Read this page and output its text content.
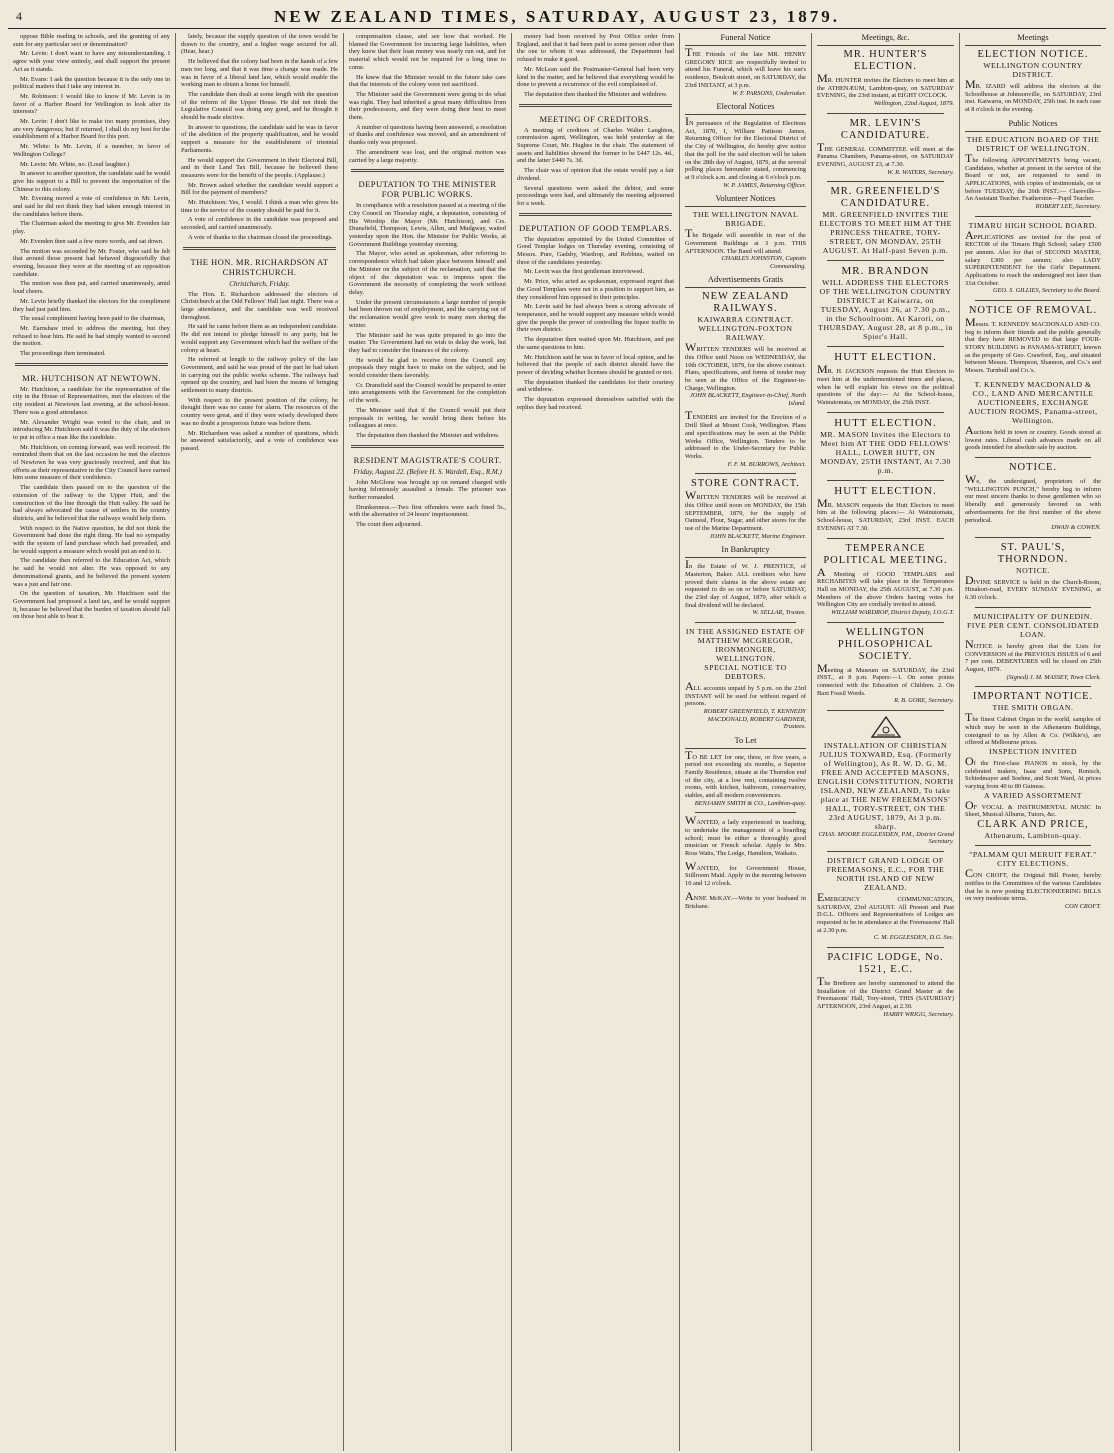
4	NEW ZEALAND TIMES, SATURDAY, AUGUST 23, 1879.

oppose Bible reading in schools, and the granting of any sum for any particular sect or denomination?

Mr. Levin: I don't want to have any misunderstanding. I agree with your view entirely, and shall support the present Act as it stands.

Mr. Evans: I ask the question because it is the only one in political matters that I take any interest in.

Mr. Robinson: I would like to know if Mr. Levin is in favor of a Harbor Board for Wellington to look after its interests?

Mr. Levin: I don't like to make too many promises, they are very dangerous; but if returned, I shall do my best for the establishment of a Harbor Board for this port.

Mr. White: Is Mr. Levin, if a member, in favor of Wellington College?

Mr. Levin: Mr. White, no. (Loud laughter.)

In answer to another question, the candidate said he would give his support to a Bill to prevent the importation of the Chinese to this colony.

Mr. Evening moved a vote of confidence in Mr. Levin, and said he did not think they had taken enough interest in the candidates before them.

The Chairman asked the meeting to give Mr. Evenden fair play.

Mr. Evenden then said a few more words, and sat down.

The motion was seconded by Mr. Foster, who said he felt that around those present had behaved disgracefully that evening, because they were at the meeting of an opposition candidate.

The motion was then put, and carried unanimously, amid loud cheers.

Mr. Levin briefly thanked the electors for the compliment they had just paid him.

The usual compliment having been paid to the chairman,

Mr. Earnshaw tried to address the meeting, but they refused to hear him. He said he had simply wanted to second the motion.

The proceedings then terminated.

MR. HUTCHISON AT NEWTOWN.

Mr. Hutchison, a candidate for the representation of the city in the House of Representatives, met the electors of the city resident at Newtown last evening, at the school-house. There was a good attendance.

Mr. Alexander Wright was voted to the chair, and in introducing Mr. Hutchison said it was the duty of the electors to put in office a man like the candidate.

Mr. Hutchison, on coming forward, was well received. He reminded them that on the last occasion he met the electors of Newtown he was very graciously received, and that his efforts as their representative in the City Council have earned him some measure of their confidence.

The candidate then passed on to the question of the extension of the railway to the Upper Hutt, and the construction of the line through the Hutt valley. He said he had always advocated the cause of settlers in the country districts, and he believed that the railways would help them.

With respect to the Native question, he did not think the Government had done the right thing. He had no sympathy with the system of land purchase which had prevailed, and he would support a measure which would put an end to it.

The candidate then referred to the Education Act, which he said he would not alter. He was opposed to any denominational grants, and he believed the present system was a just and fair one.

On the question of taxation, Mr. Hutchison said the Government had proposed a land tax, and he would support it, because he believed that the burden of taxation should fall on those best able to bear it.

lately, because the supply question of the town would be drawn to the country, and a higher wage secured for all. (Hear, hear.)

He believed that the colony had been in the hands of a few men too long, and that it was time a change was made. He was in favor of a liberal land law, which would enable the working man to obtain a home for himself.

The candidate then dealt at some length with the question of the reform of the Upper House. He did not think the Legislative Council was doing any good, and he thought it should be made elective.

In answer to questions, the candidate said he was in favor of the abolition of the property qualification, and he would support a measure for the establishment of triennial Parliaments.

He would support the Government in their Electoral Bill, and in their Land Tax Bill, because he believed these measures were for the benefit of the people. (Applause.)

Mr. Brown asked whether the candidate would support a Bill for the payment of members?

Mr. Hutchison: Yes, I would. I think a man who gives his time to the service of the country should be paid for it.

A vote of confidence in the candidate was proposed and seconded, and carried unanimously.

A vote of thanks to the chairman closed the proceedings.

THE HON. MR. RICHARDSON AT CHRISTCHURCH.
Christchurch, Friday.

The Hon. E. Richardson addressed the electors of Christchurch at the Odd Fellows' Hall last night. There was a large attendance, and the candidate was well received throughout.

He said he came before them as an independent candidate. He did not intend to pledge himself to any party, but he would support any Government which had the welfare of the colony at heart.

He referred at length to the railway policy of the late Government, and said he was proud of the part he had taken in carrying out the public works scheme. The railways had opened up the country, and had been the means of bringing settlement to many districts.

With respect to the present position of the colony, he thought there was no cause for alarm. The resources of the country were great, and if they were wisely developed there was no doubt a prosperous future was before them.

Mr. Richardson was asked a number of questions, which he answered satisfactorily, and a vote of confidence was passed.

compensation clause, and see how that worked. He blamed the Government for incurring large liabilities, when they knew that their loan money was nearly run out, and for material which would not be required for a long time to come.

He knew that the Minister would in the future take care that the interests of the colony were not sacrificed.

The Minister said the Government were going to do what was right. They had inherited a great many difficulties from their predecessors, and they were doing their best to meet them.

A number of questions having been answered, a resolution of thanks and confidence was moved, and an amendment of thanks only was proposed.

The amendment was lost, and the original motion was carried by a large majority.

DEPUTATION TO THE MINISTER FOR PUBLIC WORKS.

In compliance with a resolution passed at a meeting of the City Council on Thursday night, a deputation, consisting of His Worship the Mayor (Mr. Hutchison), and Crs. Dransfield, Thompson, Lewis, Allen, and Mudgway, waited yesterday upon the Hon. the Minister for Public Works, at Government Buildings yesterday morning.

The Mayor, who acted as spokesman, after referring to correspondence which had taken place between himself and the Minister on the subject of the reclamation, said that the object of the deputation was to impress upon the Government the necessity of completing the work without delay.

Under the present circumstances a large number of people had been thrown out of employment, and the carrying out of the reclamation would give work to many men during the winter.

The Minister said he was quite prepared to go into the matter. The Government had no wish to delay the work, but they had to consider the finances of the colony.

He would be glad to receive from the Council any proposals they might have to make on the subject, and he would consider them favorably.

Cr. Dransfield said the Council would be prepared to enter into arrangements with the Government for the completion of the work.

The Minister said that if the Council would put their proposals in writing, he would bring them before his colleagues at once.

The deputation then thanked the Minister and withdrew.

RESIDENT MAGISTRATE'S COURT.
Friday, August 22. (Before H. S. Wardell, Esq., R.M.)

John McGlone was brought up on remand charged with having feloniously assaulted a female. The prisoner was further remanded.

Drunkenness.—Two first offenders were each fined 5s., with the alternative of 24 hours' imprisonment.

The court then adjourned.

money had been received by Post Office order from England, and that it had been paid to some person other than the one to whom it was addressed, the Department had refused to make it good.

Mr. McLean said the Postmaster-General had been very kind in the matter, and he believed that everything would be done to prevent a recurrence of the evil complained of.

The deputation then thanked the Minister and withdrew.

MEETING OF CREDITORS.

A meeting of creditors of Charles Walter Laughton, commission agent, Wellington, was held yesterday at the Supreme Court, Mr. Hughes in the chair. The statement of assets and liabilities showed the former to be £447 12s. 4d., and the latter £440 7s. 3d.

The chair was of opinion that the estate would pay a fair dividend.

Several questions were asked the debtor, and some proceedings were had, and ultimately the meeting adjourned for a week.

DEPUTATION OF GOOD TEMPLARS.

The deputation appointed by the United Committee of Good Templar lodges on Thursday evening, consisting of Messrs. Pure, Gadsby, Wardrop, and Robbins, waited on three of the candidates yesterday.

Mr. Levin was the first gentleman interviewed.

Mr. Price, who acted as spokesman, expressed regret that the Good Templars were not in a position to support him, as they considered him opposed to their principles.

Mr. Levin said he had always been a strong advocate of temperance, and he would support any measure which would give the people the power of controlling the liquor traffic in their own district.

The deputation then waited upon Mr. Hutchison, and put the same questions to him.

Mr. Hutchison said he was in favor of local option, and he believed that the people of each district should have the power of deciding whether licenses should be granted or not.

The deputation thanked the candidates for their courtesy and withdrew.

The deputation expressed themselves satisfied with the replies they had received.

Funeral Notice
THE Friends of the late MR. HENRY GREGORY RICE are respectfully invited to attend his Funeral, which will leave his son's residence, Boulcott street, on SATURDAY, the 23rd INSTANT, at 3 p.m.
W. F. PARSONS, Undertaker.
Electoral Notices
IN pursuance of the Regulation of Elections Act, 1870, I, William Pattison James, Returning Officer for the Electoral District of the City of Wellington, do hereby give notice that the poll for the said election will be taken on the 28th day of August, 1879, at the several polling places hereunder stated, commencing at 9 o'clock a.m. and closing at 6 o'clock p.m.
W. P. JAMES, Returning Officer.
Volunteer Notices
THE WELLINGTON NAVAL BRIGADE.
The Brigade will assemble in rear of the Government Buildings at 3 p.m. THIS AFTERNOON. The Band will attend.
CHARLES JOHNSTON, Captain Commanding.
Advertisements Gratis
NEW ZEALAND RAILWAYS.
KAIWARRA CONTRACT. WELLINGTON-FOXTON RAILWAY.
WRITTEN TENDERS will be received at this Office until Noon on WEDNESDAY, the 10th OCTOBER, 1879, for the above contract. Plans, specifications, and forms of tender may be seen at the Office of the Engineer-in-Charge, Wellington.
JOHN BLACKETT, Engineer-in-Chief, North Island.
TENDERS are invited for the Erection of a Drill Shed at Mount Cook, Wellington. Plans and specifications may be seen at the Public Works Office, Wellington. Tenders to be addressed to the Under-Secretary for Public Works.
F. F. M. BURROWS, Architect.
STORE CONTRACT.
WRITTEN TENDERS will be received at this Office until noon on MONDAY, the 15th SEPTEMBER, 1879, for the supply of Oatmeal, Flour, Sugar, and other stores for the use of the Marine Department.
JOHN BLACKETT, Marine Engineer.
In Bankruptcy
In the Estate of W. J. PRENTICE, of Masterton, Baker. ALL creditors who have proved their claims in the above estate are requested to do so on or before SATURDAY, the 23rd day of August, 1879, after which a final dividend will be declared.
W. SELLAR, Trustee.
IN THE ASSIGNED ESTATE OF MATTHEW MCGREGOR, IRONMONGER, WELLINGTON.
SPECIAL NOTICE TO DEBTORS.
ALL accounts unpaid by 5 p.m. on the 23rd INSTANT will be sued for without regard of persons.
ROBERT GREENFIELD, T. KENNEDY MACDONALD, ROBERT GARDNER, Trustees.
To Let
TO BE LET for one, three, or five years, a period not exceeding six months, a Superior Family Residence, situate at the Thorndon end of the city, at a low rent, containing twelve rooms, with kitchen, bathroom, conservatory, stables, and all modern conveniences.
BENJAMIN SMITH & CO., Lambton-quay.
WANTED, a lady experienced in teaching, to undertake the management of a boarding school; must be either a thoroughly good musician or French scholar. Apply to Mrs. Ross Watts, The Lodge, Hamilton, Waikato.
WANTED, for Government House, Stillroom Maid. Apply in the morning between 10 and 12 o'clock.
ANNE McKAY.—Write to your husband in Brisbane.
Meetings, &c.
MR. HUNTER'S ELECTION.
MR. HUNTER invites the Electors to meet him at the ATHENÆUM, Lambton-quay, on SATURDAY EVENING, the 23rd instant, at EIGHT O'CLOCK.
Wellington, 22nd August, 1879.
MR. LEVIN'S CANDIDATURE.
THE GENERAL COMMITTEE will meet at the Panama Chambers, Panama-street, on SATURDAY EVENING, AUGUST 23, at 7.30.
W. R. WATERS, Secretary.
MR. GREENFIELD'S CANDIDATURE.
MR. GREENFIELD INVITES THE ELECTORS TO MEET HIM AT THE PRINCESS THEATRE, TORY-STREET, ON MONDAY, 25TH AUGUST. At Half-past Seven p.m.
MR. BRANDON
WILL ADDRESS THE ELECTORS OF THE WELLINGTON COUNTRY DISTRICT at Kaiwarra, on TUESDAY, August 26, at 7.30 p.m., in the Schoolroom. At Karori, on THURSDAY, August 28, at 8 p.m., in Spier's Hall.
HUTT ELECTION.
MR. H. JACKSON requests the Hutt Electors to meet him at the undermentioned times and places, when he will explain his views on the political questions of the day:— At the School-house, Wainuiomata, on MONDAY, the 25th INST.
HUTT ELECTION.
MR. MASON Invites the Electors to Meet him AT THE ODD FELLOWS' HALL, LOWER HUTT, ON MONDAY, 25TH INSTANT, At 7.30 p.m.
HUTT ELECTION.
MR. MASON requests the Hutt Electors to meet him at the following places:— At Wainuiomata, School-house, SATURDAY, 23rd INST. EACH EVENING AT 7.30.
TEMPERANCE POLITICAL MEETING.
A Meeting of GOOD TEMPLARS and RECHABITES will take place in the Temperance Hall on MONDAY, the 25th AUGUST, at 7.30 p.m. Members of the above Orders having votes for Wellington City are cordially invited to attend.
WILLIAM WARDROP, District Deputy, I.O.G.T.
WELLINGTON PHILOSOPHICAL SOCIETY.
Meeting at Museum on SATURDAY, the 23rd INST., at 8 p.m. Papers:—1. On some points connected with the Education of Children. 2. On Baxt Fossil Words.
R. B. GORE, Secretary.
INSTALLATION OF CHRISTIAN JULIUS TOXWARD, Esq. (Formerly of Wellington), As R. W. D. G. M.
FREE AND ACCEPTED MASONS, ENGLISH CONSTITUTION, NORTH ISLAND, NEW ZEALAND, To take place at THE NEW FREEMASONS' HALL, TORY-STREET, ON THE 23rd AUGUST, 1879, At 3 p.m. sharp.
CHAS. MOORE EGGLESDEN, P.M., District Grand Secretary.
DISTRICT GRAND LODGE OF FREEMASONS, E.C., FOR THE NORTH ISLAND OF NEW ZEALAND.
EMERGENCY COMMUNICATION, SATURDAY, 23rd AUGUST. All Present and Past D.G.L. Officers and Representatives of Lodges are requested to be in attendance at the Freemasons' Hall at 2.30 p.m.
C. M. EGGLESDEN, D.G. Sec.
PACIFIC LODGE, No. 1521, E.C.
The Brethren are hereby summoned to attend the Installation of the District Grand Master at the Freemasons' Hall, Tory-street, THIS (SATURDAY) AFTERNOON, 23rd August, at 2.30.
HARRY WRIGG, Secretary.
Meetings
ELECTION NOTICE.
WELLINGTON COUNTRY DISTRICT.
MR. IZARD will address the electors at the Schoolhouse at Johnsonville, on SATURDAY, 23rd inst. Kaiwarra, on MONDAY, 25th inst. In each case at 8 o'clock in the evening.
Public Notices
THE EDUCATION BOARD OF THE DISTRICT OF WELLINGTON.
The following APPOINTMENTS being vacant, Candidates, whether at present in the service of the Board or not, are requested to send in APPLICATIONS, with copies of testimonials, on or before TUESDAY, the 26th INST.:— Clareville—An Assistant Teacher. Featherston—Pupil Teacher.
ROBERT LEE, Secretary.
TIMARU HIGH SCHOOL BOARD.
APPLICATIONS are invited for the post of RECTOR of the Timaru High School; salary £500 per annum. Also for that of SECOND MASTER, salary £300 per annum; also LADY SUPERINTENDENT for the Girls' Department. Applications to reach the undersigned not later than 31st October.
GEO. S. GILLIES, Secretary to the Board.
NOTICE OF REMOVAL.
Messrs. T. KENNEDY MACDONALD AND CO. beg to inform their friends and the public generally that they have REMOVED to that large FOUR-STORY BUILDING in PANAMA-STREET, known as the property of Geo. Crawford, Esq., and situated between Messrs. Thompson, Shannon, and Co.'s and Messrs. Turnbull and Co.'s.
T. KENNEDY MACDONALD & CO., LAND AND MERCANTILE AUCTIONEERS, EXCHANGE AUCTION ROOMS, Panama-street, Wellington.
Auctions held in town or country. Goods stored at lowest rates. Liberal cash advances made on all goods intended for absolute sale by auction.
NOTICE.
We, the undersigned, proprietors of the "WELLINGTON PUNCH," hereby beg to inform our most sincere thanks to those gentlemen who so liberally and generously favored us with advertisements for the first number of the above periodical.
DWAN & COWEN.
ST. PAUL'S, THORNDON.
NOTICE.
DIVINE SERVICE is held in the Church-Room, Hinakori-road, EVERY SUNDAY EVENING, at 6.30 o'clock.
MUNICIPALITY OF DUNEDIN.
FIVE PER CENT. CONSOLIDATED LOAN.
NOTICE is hereby given that the Lists for CONVERSION of the PREVIOUS ISSUES of 6 and 7 per cent. DEBENTURES will be closed on 25th August, 1879.
(Signed) J. M. MASSEY, Town Clerk.
IMPORTANT NOTICE.
THE SMITH ORGAN.
The finest Cabinet Organ in the world, samples of which may be seen in the Athenæum Buildings, consigned to us by Allen & Co. (Wilkie's), are offered at Melbourne prices.
INSPECTION INVITED
Of the First-class PIANOS in stock, by the celebrated makers, Isaac and Sons, Ronisch, Schiedmayer and Soehne, and Scott Ward, At prices varying from 40 to 80 Guineas.
A VARIED ASSORTMENT
OF VOCAL & INSTRUMENTAL MUSIC In Sheet, Musical Albums, Tutors, &c.
CLARK AND PRICE,
Athenæum, Lambton-quay.
"PALMAM QUI MERUIT FERAT."
CITY ELECTIONS.
CON CROFT, the Original Bill Poster, hereby notifies to the Committees of the various Candidates that he is now posting ELECTIONEERING BILLS on very moderate terms.
CON CROFT.
